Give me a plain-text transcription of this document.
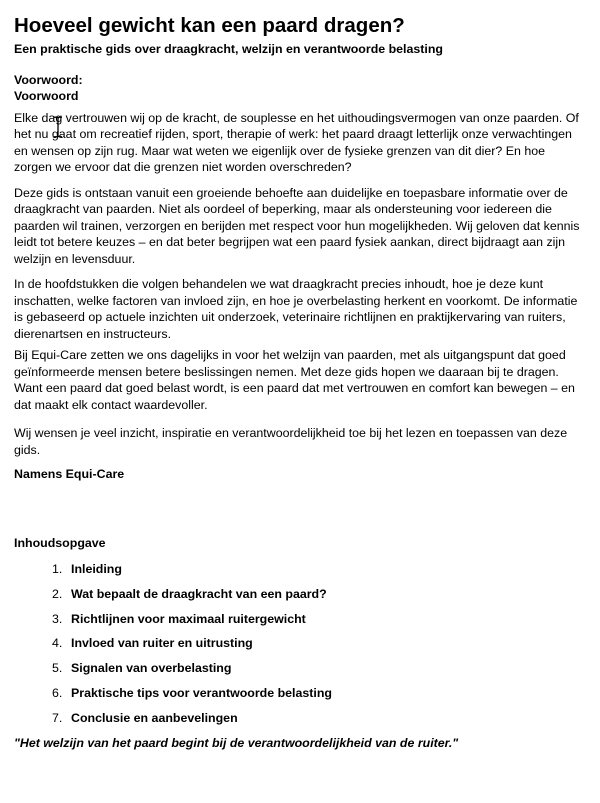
Hoeveel gewicht kan een paard dragen?

Een praktische gids over draagkracht, welzijn en verantwoorde belasting

Voorwoord:
Voorwoord

Elke dag vertrouwen wij op de kracht, de souplesse en het uithoudingsvermogen van onze paarden. Of het nu gaat om recreatief rijden, sport, therapie of werk: het paard draagt letterlijk onze verwachtingen en wensen op zijn rug. Maar wat weten we eigenlijk over de fysieke grenzen van dit dier? En hoe zorgen we ervoor dat die grenzen niet worden overschreden?

Deze gids is ontstaan vanuit een groeiende behoefte aan duidelijke en toepasbare informatie over de draagkracht van paarden. Niet als oordeel of beperking, maar als ondersteuning voor iedereen die paarden wil trainen, verzorgen en berijden met respect voor hun mogelijkheden. Wij geloven dat kennis leidt tot betere keuzes – en dat beter begrijpen wat een paard fysiek aankan, direct bijdraagt aan zijn welzijn en levensduur.

In de hoofdstukken die volgen behandelen we wat draagkracht precies inhoudt, hoe je deze kunt inschatten, welke factoren van invloed zijn, en hoe je overbelasting herkent en voorkomt. De informatie is gebaseerd op actuele inzichten uit onderzoek, veterinaire richtlijnen en praktijkervaring van ruiters, dierenartsen en instructeurs.

Bij Equi-Care zetten we ons dagelijks in voor het welzijn van paarden, met als uitgangspunt dat goed geïnformeerde mensen betere beslissingen nemen. Met deze gids hopen we daaraan bij te dragen. Want een paard dat goed belast wordt, is een paard dat met vertrouwen en comfort kan bewegen – en dat maakt elk contact waardevoller.

Wij wensen je veel inzicht, inspiratie en verantwoordelijkheid toe bij het lezen en toepassen van deze gids.

Namens Equi-Care

Inhoudsopgave

1. Inleiding
2. Wat bepaalt de draagkracht van een paard?
3. Richtlijnen voor maximaal ruitergewicht
4. Invloed van ruiter en uitrusting
5. Signalen van overbelasting
6. Praktische tips voor verantwoorde belasting
7. Conclusie en aanbevelingen

"Het welzijn van het paard begint bij de verantwoordelijkheid van de ruiter."
